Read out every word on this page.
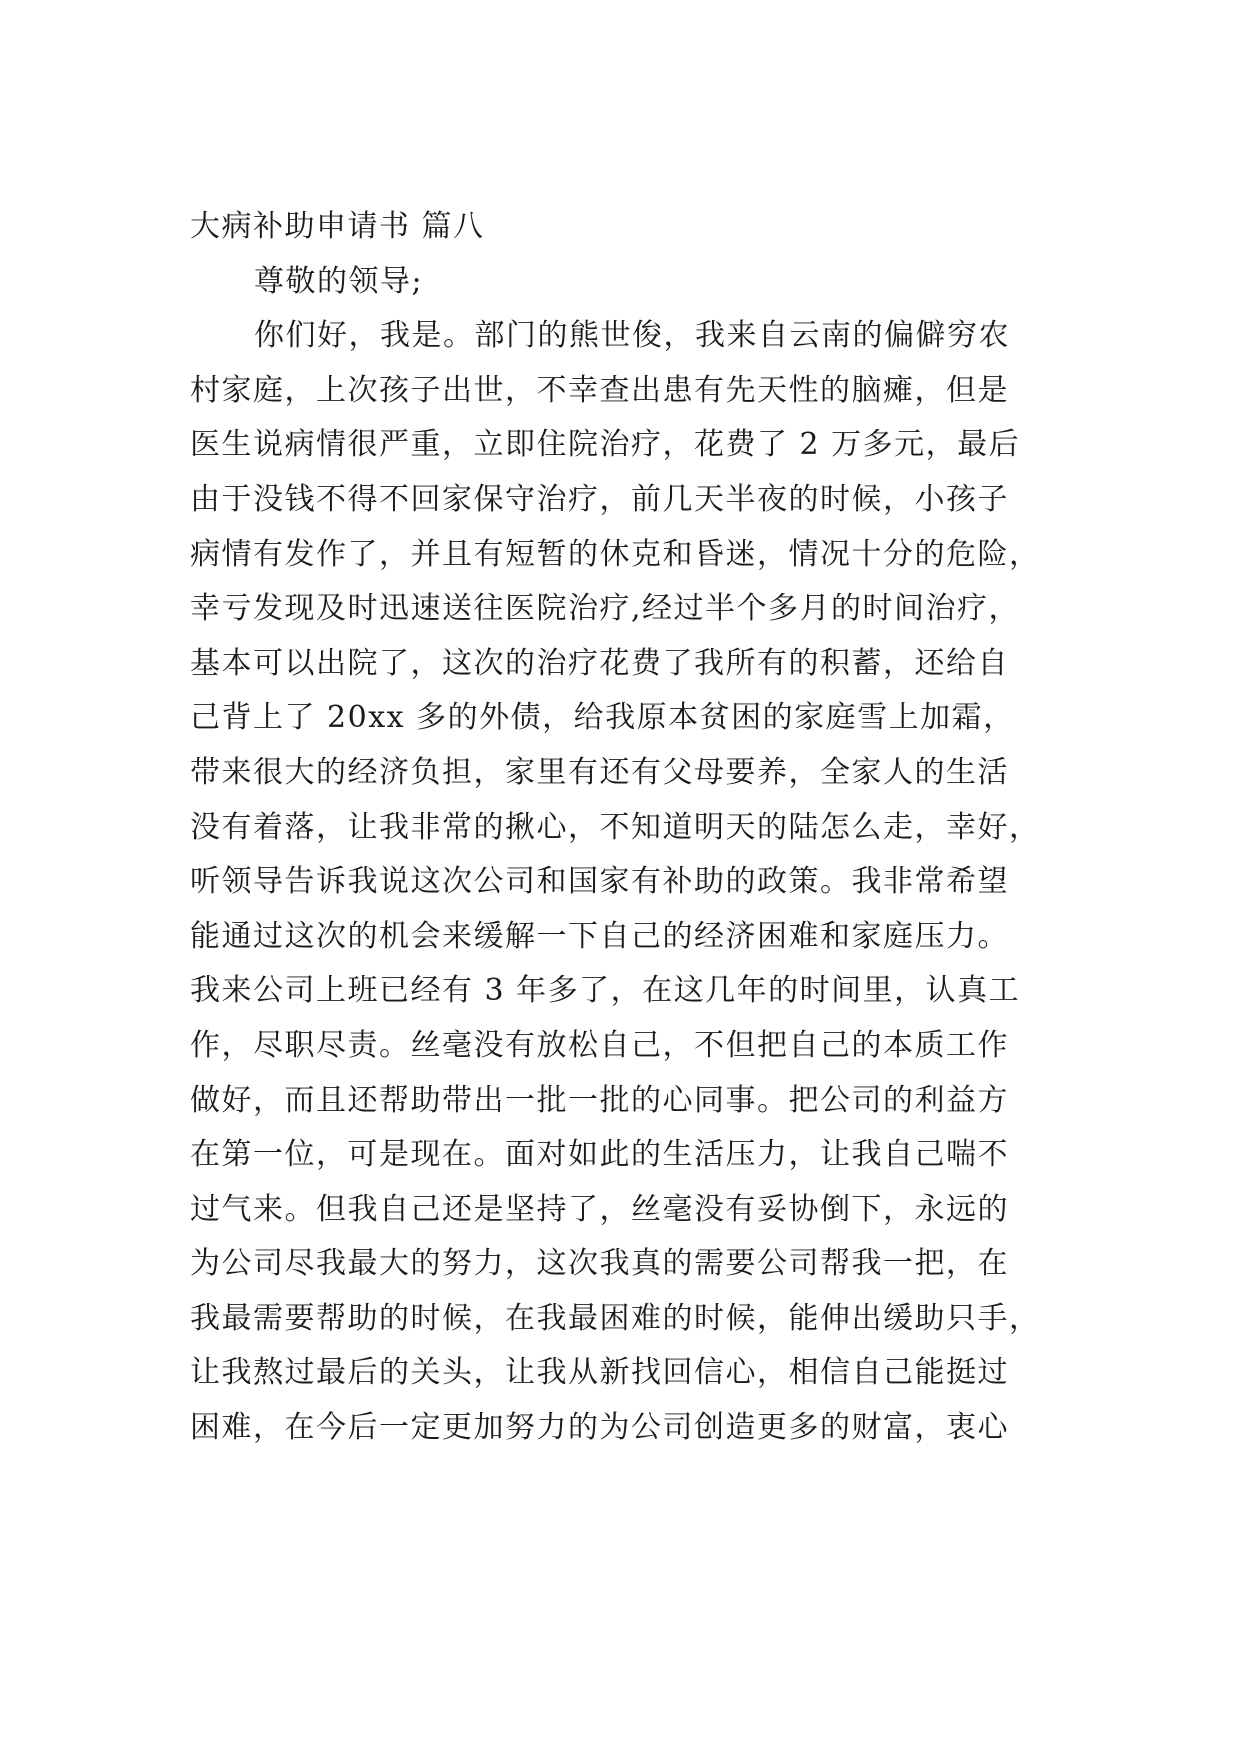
大病补助申请书 篇八
尊敬的领导;
你们好，我是。部门的熊世俊，我来自云南的偏僻穷农
村家庭，上次孩子出世，不幸查出患有先天性的脑瘫，但是
医生说病情很严重，立即住院治疗，花费了 2 万多元，最后
由于没钱不得不回家保守治疗，前几天半夜的时候，小孩子
病情有发作了，并且有短暂的休克和昏迷，情况十分的危险，
幸亏发现及时迅速送往医院治疗,经过半个多月的时间治疗，
基本可以出院了，这次的治疗花费了我所有的积蓄，还给自
己背上了 20xx 多的外债，给我原本贫困的家庭雪上加霜，
带来很大的经济负担，家里有还有父母要养，全家人的生活
没有着落，让我非常的揪心，不知道明天的陆怎么走，幸好，
听领导告诉我说这次公司和国家有补助的政策。我非常希望
能通过这次的机会来缓解一下自己的经济困难和家庭压力。
我来公司上班已经有 3 年多了，在这几年的时间里，认真工
作，尽职尽责。丝毫没有放松自己，不但把自己的本质工作
做好，而且还帮助带出一批一批的心同事。把公司的利益方
在第一位，可是现在。面对如此的生活压力，让我自己喘不
过气来。但我自己还是坚持了，丝毫没有妥协倒下，永远的
为公司尽我最大的努力，这次我真的需要公司帮我一把，在
我最需要帮助的时候，在我最困难的时候，能伸出缓助只手，
让我熬过最后的关头，让我从新找回信心，相信自己能挺过
困难，在今后一定更加努力的为公司创造更多的财富，衷心
